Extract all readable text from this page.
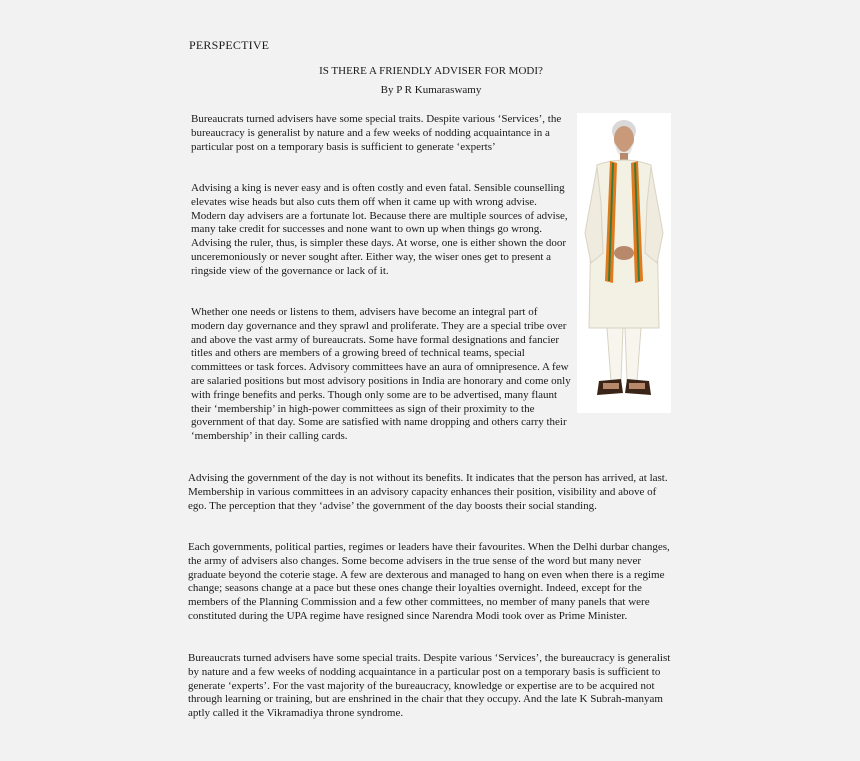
PERSPECTIVE
IS THERE A FRIENDLY ADVISER FOR MODI?
By P R Kumaraswamy

Bureaucrats turned advisers have some special traits. Despite various ‘Services’, the bureaucracy is generalist by nature and a few weeks of nodding acquaintance in a particular post on a temporary basis is sufficient to generate ‘experts’

Advising a king is never easy and is often costly and even fatal. Sensible counselling elevates wise heads but also cuts them off when it came up with wrong advise. Modern day advisers are a fortunate lot. Because there are multiple sources of advise, many take credit for successes and none want to own up when things go wrong. Advising the ruler, thus, is simpler these days. At worse, one is either shown the door unceremoniously or never sought after. Either way, the wiser ones get to present a ringside view of the governance or lack of it.

Whether one needs or listens to them, advisers have become an integral part of modern day governance and they sprawl and proliferate. They are a special tribe over and above the vast army of bureaucrats. Some have formal designations and fancier titles and others are members of a growing breed of technical teams, special committees or task forces. Advisory committees have an aura of omnipresence. A few are salaried positions but most advisory positions in India are honorary and come only with fringe benefits and perks. Though only some are to be advertised, many flaunt their ‘membership’ in high-power committees as sign of their proximity to the government of that day. Some are satisfied with name dropping and others carry their ‘membership’ in their calling cards.

Advising the government of the day is not without its benefits. It indicates that the person has arrived, at last. Membership in various committees in an advisory capacity enhances their position, visibility and above of ego. The perception that they ‘advise’ the government of the day boosts their social standing.

Each governments, political parties, regimes or leaders have their favourites. When the Delhi durbar changes, the army of advisers also changes. Some become advisers in the true sense of the word but many never graduate beyond the coterie stage. A few are dexterous and managed to hang on even when there is a regime change; seasons change at a pace but these ones change their loyalties overnight. Indeed, except for the members of the Planning Commission and a few other committees, no member of many panels that were constituted during the UPA regime have resigned since Narendra Modi took over as Prime Minister.

Bureaucrats turned advisers have some special traits. Despite various ‘Services’, the bureaucracy is generalist by nature and a few weeks of nodding acquaintance in a particular post on a temporary basis is sufficient to generate ‘experts’. For the vast majority of the bureaucracy, knowledge or expertise are to be acquired not through learning or training, but are enshrined in the chair that they occupy. And the late K Subrah-manyam aptly called it the Vikramadiya throne syndrome.
